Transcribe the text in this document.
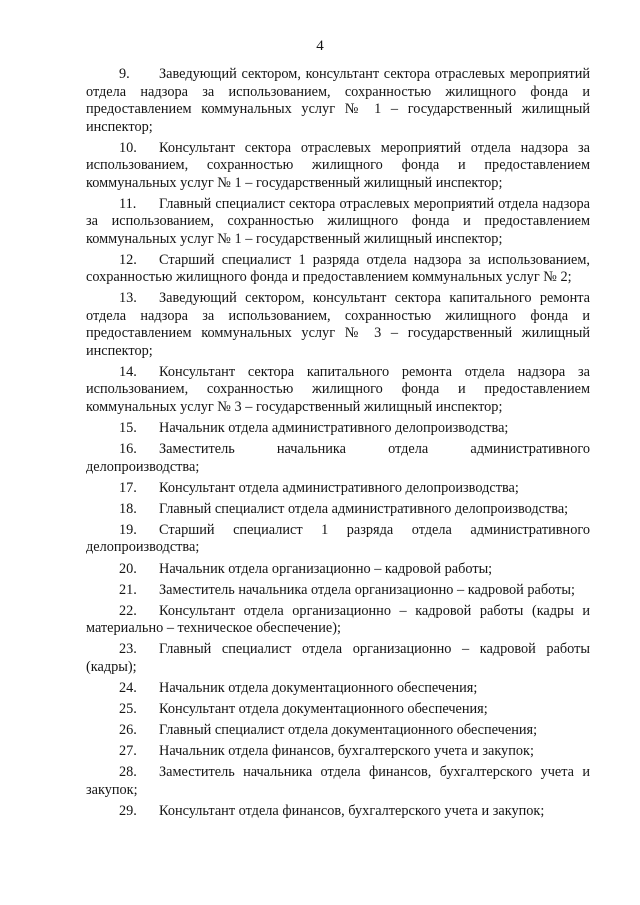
4

9. Заведующий сектором, консультант сектора отраслевых мероприятий отдела надзора за использованием, сохранностью жилищного фонда и предоставлением коммунальных услуг № 1 – государственный жилищный инспектор;

10. Консультант сектора отраслевых мероприятий отдела надзора за использованием, сохранностью жилищного фонда и предоставлением коммунальных услуг № 1 – государственный жилищный инспектор;

11. Главный специалист сектора отраслевых мероприятий отдела надзора за использованием, сохранностью жилищного фонда и предоставлением коммунальных услуг № 1 – государственный жилищный инспектор;

12. Старший специалист 1 разряда отдела надзора за использованием, сохранностью жилищного фонда и предоставлением коммунальных услуг № 2;

13. Заведующий сектором, консультант сектора капитального ремонта отдела надзора за использованием, сохранностью жилищного фонда и предоставлением коммунальных услуг № 3 – государственный жилищный инспектор;

14. Консультант сектора капитального ремонта отдела надзора за использованием, сохранностью жилищного фонда и предоставлением коммунальных услуг № 3 – государственный жилищный инспектор;

15. Начальник отдела административного делопроизводства;

16. Заместитель начальника отдела административного делопроизводства;

17. Консультант отдела административного делопроизводства;

18. Главный специалист отдела административного делопроизводства;

19. Старший специалист 1 разряда отдела административного делопроизводства;

20. Начальник отдела организационно – кадровой работы;

21. Заместитель начальника отдела организационно – кадровой работы;

22. Консультант отдела организационно – кадровой работы (кадры и материально – техническое обеспечение);

23. Главный специалист отдела организационно – кадровой работы (кадры);

24. Начальник отдела документационного обеспечения;

25. Консультант отдела документационного обеспечения;

26. Главный специалист отдела документационного обеспечения;

27. Начальник отдела финансов, бухгалтерского учета и закупок;

28. Заместитель начальника отдела финансов, бухгалтерского учета и закупок;

29. Консультант отдела финансов, бухгалтерского учета и закупок;
